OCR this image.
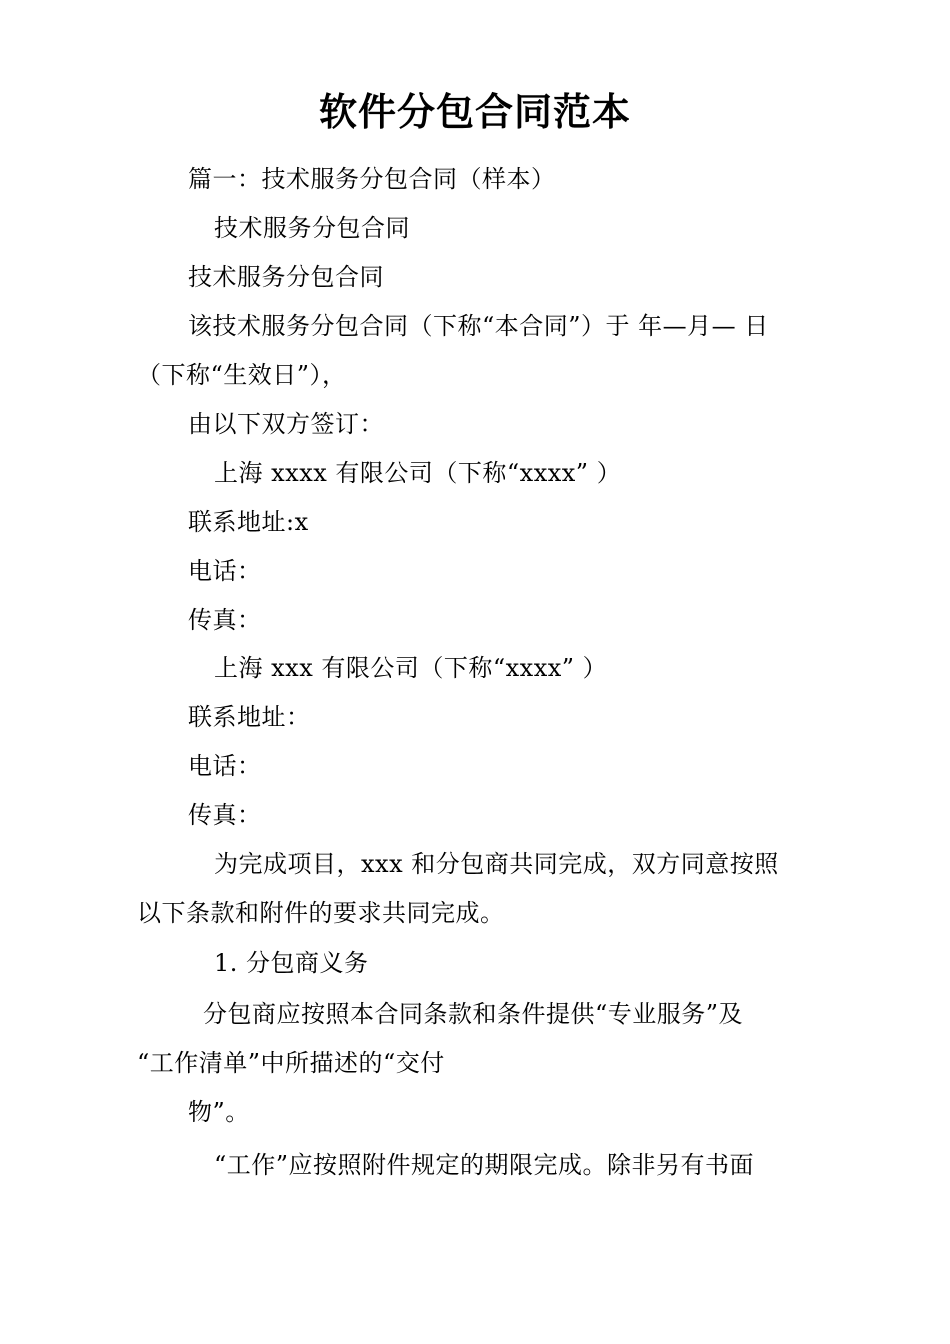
软件分包合同范本
篇一：技术服务分包合同（样本）
技术服务分包合同
技术服务分包合同
该技术服务分包合同（下称“本合同”）于 年—月— 日
（下称“生效日”），
由以下双方签订：
上海 xxxx 有限公司（下称“xxxx” ）
联系地址:x
电话：
传真：
上海 xxx 有限公司（下称“xxxx” ）
联系地址：
电话：
传真：
为完成项目，xxx 和分包商共同完成，双方同意按照
以下条款和附件的要求共同完成。
1. 分包商义务
分包商应按照本合同条款和条件提供“专业服务”及
“工作清单”中所描述的“交付
物”。
“工作”应按照附件规定的期限完成。除非另有书面
